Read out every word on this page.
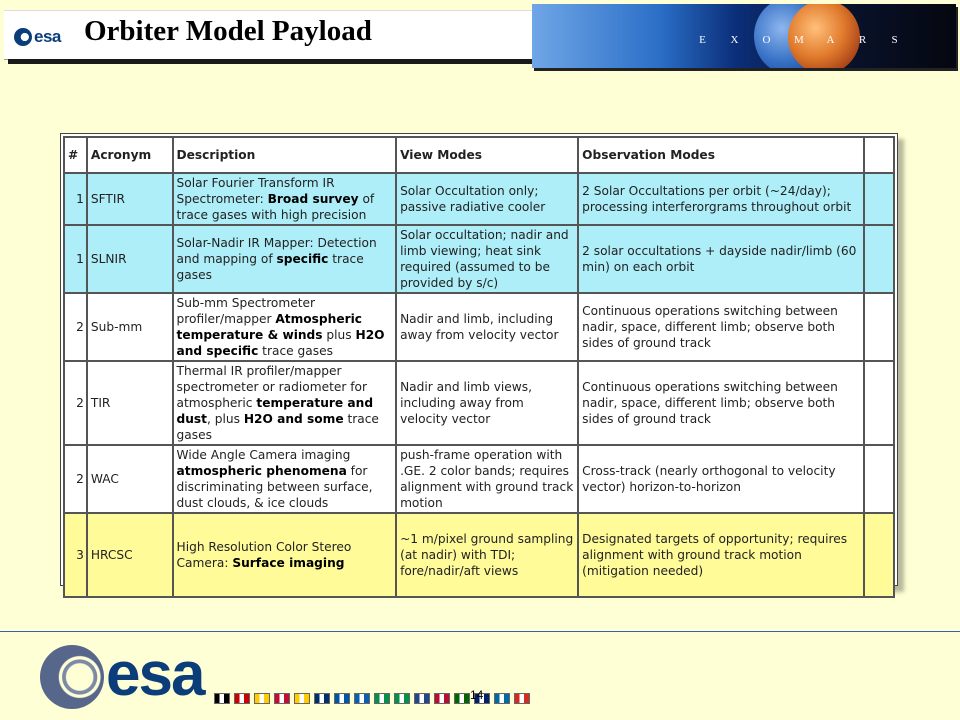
esa Orbiter Model Payload	E X O M A R S
#	Acronym	Description	View Modes	Observation Modes	
1	SFTIR	Solar Fourier Transform IR Spectrometer: Broad survey of trace gases with high precision	Solar Occultation only; passive radiative cooler	2 Solar Occultations per orbit (~24/day); processing interferorgrams throughout orbit	
1	SLNIR	Solar-Nadir IR Mapper: Detection and mapping of specific trace gases	Solar occultation; nadir and limb viewing; heat sink required (assumed to be provided by s/c)	2 solar occultations + dayside nadir/limb (60 min) on each orbit	
2	Sub-mm	Sub-mm Spectrometer profiler/mapper Atmospheric temperature & winds plus H2O and specific trace gases	Nadir and limb, including away from velocity vector	Continuous operations switching between nadir, space, different limb; observe both sides of ground track	
2	TIR	Thermal IR profiler/mapper spectrometer or radiometer for atmospheric temperature and dust, plus H2O and some trace gases	Nadir and limb views, including away from velocity vector	Continuous operations switching between nadir, space, different limb; observe both sides of ground track	
2	WAC	Wide Angle Camera imaging atmospheric phenomena for discriminating between surface, dust clouds, & ice clouds	push-frame operation with .GE. 2 color bands; requires alignment with ground track motion	Cross-track (nearly orthogonal to velocity vector) horizon-to-horizon	
3	HRCSC	High Resolution Color Stereo Camera: Surface imaging	~1 m/pixel ground sampling (at nadir) with TDI; fore/nadir/aft views	Designated targets of opportunity; requires alignment with ground track motion (mitigation needed)	
esa	14
